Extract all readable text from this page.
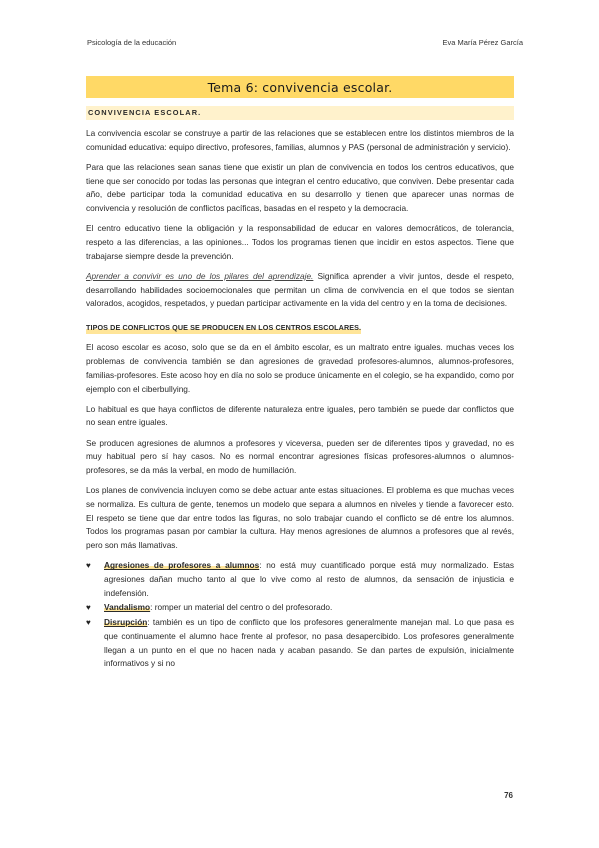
Psicología de la educación	Eva María Pérez García
Tema 6: convivencia escolar.
CONVIVENCIA ESCOLAR.

La convivencia escolar se construye a partir de las relaciones que se establecen entre los distintos miembros de la comunidad educativa: equipo directivo, profesores, familias, alumnos y PAS (personal de administración y servicio).

Para que las relaciones sean sanas tiene que existir un plan de convivencia en todos los centros educativos, que tiene que ser conocido por todas las personas que integran el centro educativo, que conviven. Debe presentar cada año, debe participar toda la comunidad educativa en su desarrollo y tienen que aparecer unas normas de convivencia y resolución de conflictos pacíficas, basadas en el respeto y la democracia.

El centro educativo tiene la obligación y la responsabilidad de educar en valores democráticos, de tolerancia, respeto a las diferencias, a las opiniones... Todos los programas tienen que incidir en estos aspectos. Tiene que trabajarse siempre desde la prevención.

Aprender a convivir es uno de los pilares del aprendizaje. Significa aprender a vivir juntos, desde el respeto, desarrollando habilidades socioemocionales que permitan un clima de convivencia en el que todos se sientan valorados, acogidos, respetados, y puedan participar activamente en la vida del centro y en la toma de decisiones.

TIPOS DE CONFLICTOS QUE SE PRODUCEN EN LOS CENTROS ESCOLARES.

El acoso escolar es acoso, solo que se da en el ámbito escolar, es un maltrato entre iguales. muchas veces los problemas de convivencia también se dan agresiones de gravedad profesores-alumnos, alumnos-profesores, familias-profesores. Este acoso hoy en día no solo se produce únicamente en el colegio, se ha expandido, como por ejemplo con el ciberbullying.

Lo habitual es que haya conflictos de diferente naturaleza entre iguales, pero también se puede dar conflictos que no sean entre iguales.

Se producen agresiones de alumnos a profesores y viceversa, pueden ser de diferentes tipos y gravedad, no es muy habitual pero sí hay casos. No es normal encontrar agresiones físicas profesores-alumnos o alumnos-profesores, se da más la verbal, en modo de humillación.

Los planes de convivencia incluyen como se debe actuar ante estas situaciones. El problema es que muchas veces se normaliza. Es cultura de gente, tenemos un modelo que separa a alumnos en niveles y tiende a favorecer esto. El respeto se tiene que dar entre todos las figuras, no solo trabajar cuando el conflicto se dé entre los alumnos. Todos los programas pasan por cambiar la cultura. Hay menos agresiones de alumnos a profesores que al revés, pero son más llamativas.

♥ Agresiones de profesores a alumnos: no está muy cuantificado porque está muy normalizado. Estas agresiones dañan mucho tanto al que lo vive como al resto de alumnos, da sensación de injusticia e indefensión.
♥ Vandalismo: romper un material del centro o del profesorado.
♥ Disrupción: también es un tipo de conflicto que los profesores generalmente manejan mal. Lo que pasa es que continuamente el alumno hace frente al profesor, no pasa desapercibido. Los profesores generalmente llegan a un punto en el que no hacen nada y acaban pasando. Se dan partes de expulsión, inicialmente informativos y si no
76
